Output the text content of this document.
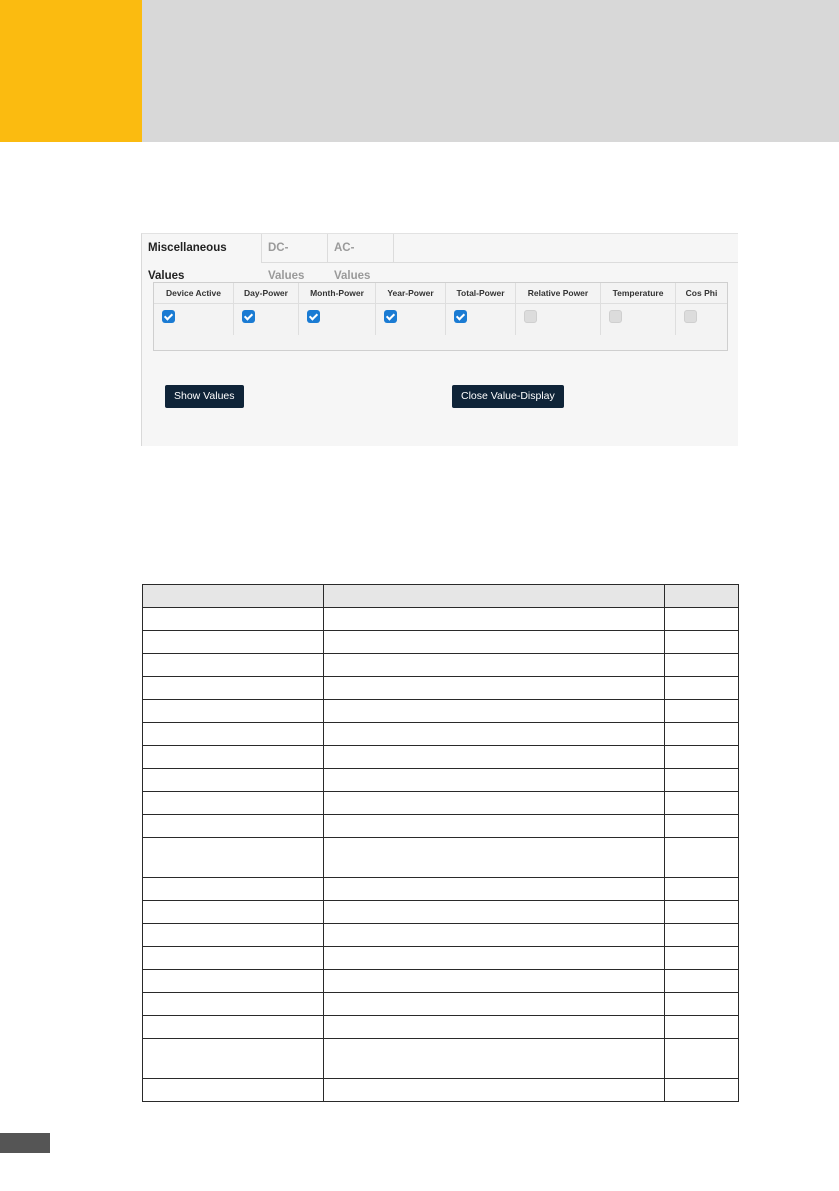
Miscellaneous Values
DC-Values
AC-Values
Device Active	Day-Power	Month-Power	Year-Power	Total-Power	Relative Power	Temperature	Cos Phi
Show Values	Close Value-Display
